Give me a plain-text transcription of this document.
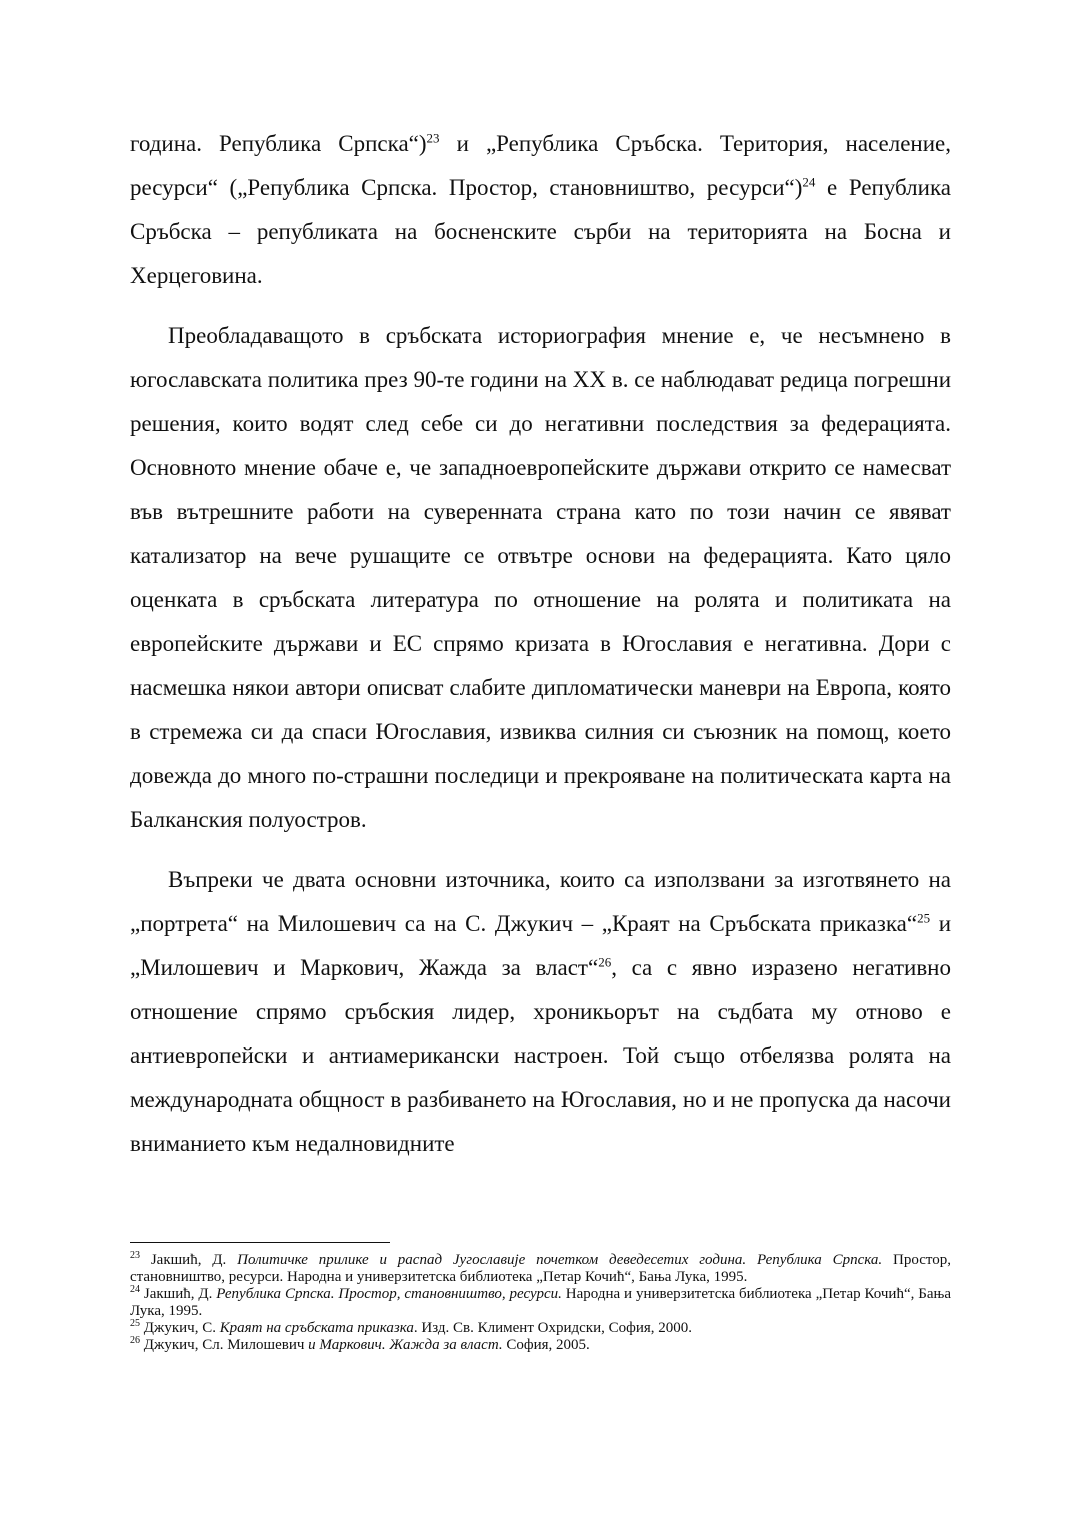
година. Република Српска“)$^{23}$ и „Република Сръбска. Територия, население, ресурси“ („Република Српска. Простор, становништво, ресурси“)$^{24}$ е Република Сръбска – републиката на босненските сърби на територията на Босна и Херцеговина.

Преобладаващото в сръбската историография мнение е, че несъмнено в югославската политика през 90-те години на XX в. се наблюдават редица погрешни решения, които водят след себе си до негативни последствия за федерацията. Основното мнение обаче е, че западноевропейските държави открито се намесват във вътрешните работи на суверенната страна като по този начин се явяват катализатор на вече рушащите се отвътре основи на федерацията. Като цяло оценката в сръбската литература по отношение на ролята и политиката на европейските държави и ЕС спрямо кризата в Югославия е негативна. Дори с насмешка някои автори описват слабите дипломатически маневри на Европа, която в стремежа си да спаси Югославия, извиква силния си съюзник на помощ, което довежда до много по-страшни последици и прекрояване на политическата карта на Балканския полуостров.

Въпреки че двата основни източника, които са използвани за изготвянето на „портрета“ на Милошевич са на С. Джукич – „Краят на Сръбската приказка“$^{25}$ и „Милошевич и Маркович, Жажда за власт“$^{26}$, са с явно изразено негативно отношение спрямо сръбския лидер, хроникьорът на съдбата му отново е антиевропейски и антиамерикански настроен. Той също отбелязва ролята на международната общност в разбиването на Югославия, но и не пропуска да насочи вниманието към недалновидните

$^{23}$ Јакшић, Д. Политичке прилике и распад Југославије почетком деведесетих година. Република Српска. Простор, становништво, ресурси. Народна и универзитетска библиотека „Петар Кочић“, Бања Лука, 1995.

$^{24}$ Јакшић, Д. Република Српска. Простор, становништво, ресурси. Народна и универзитетска библиотека „Петар Кочић“, Бања Лука, 1995.

$^{25}$ Джукич, С. Краят на сръбската приказка. Изд. Св. Климент Охридски, София, 2000.

$^{26}$ Джукич, Сл. Милошевич и Маркович. Жажда за власт. София, 2005.
